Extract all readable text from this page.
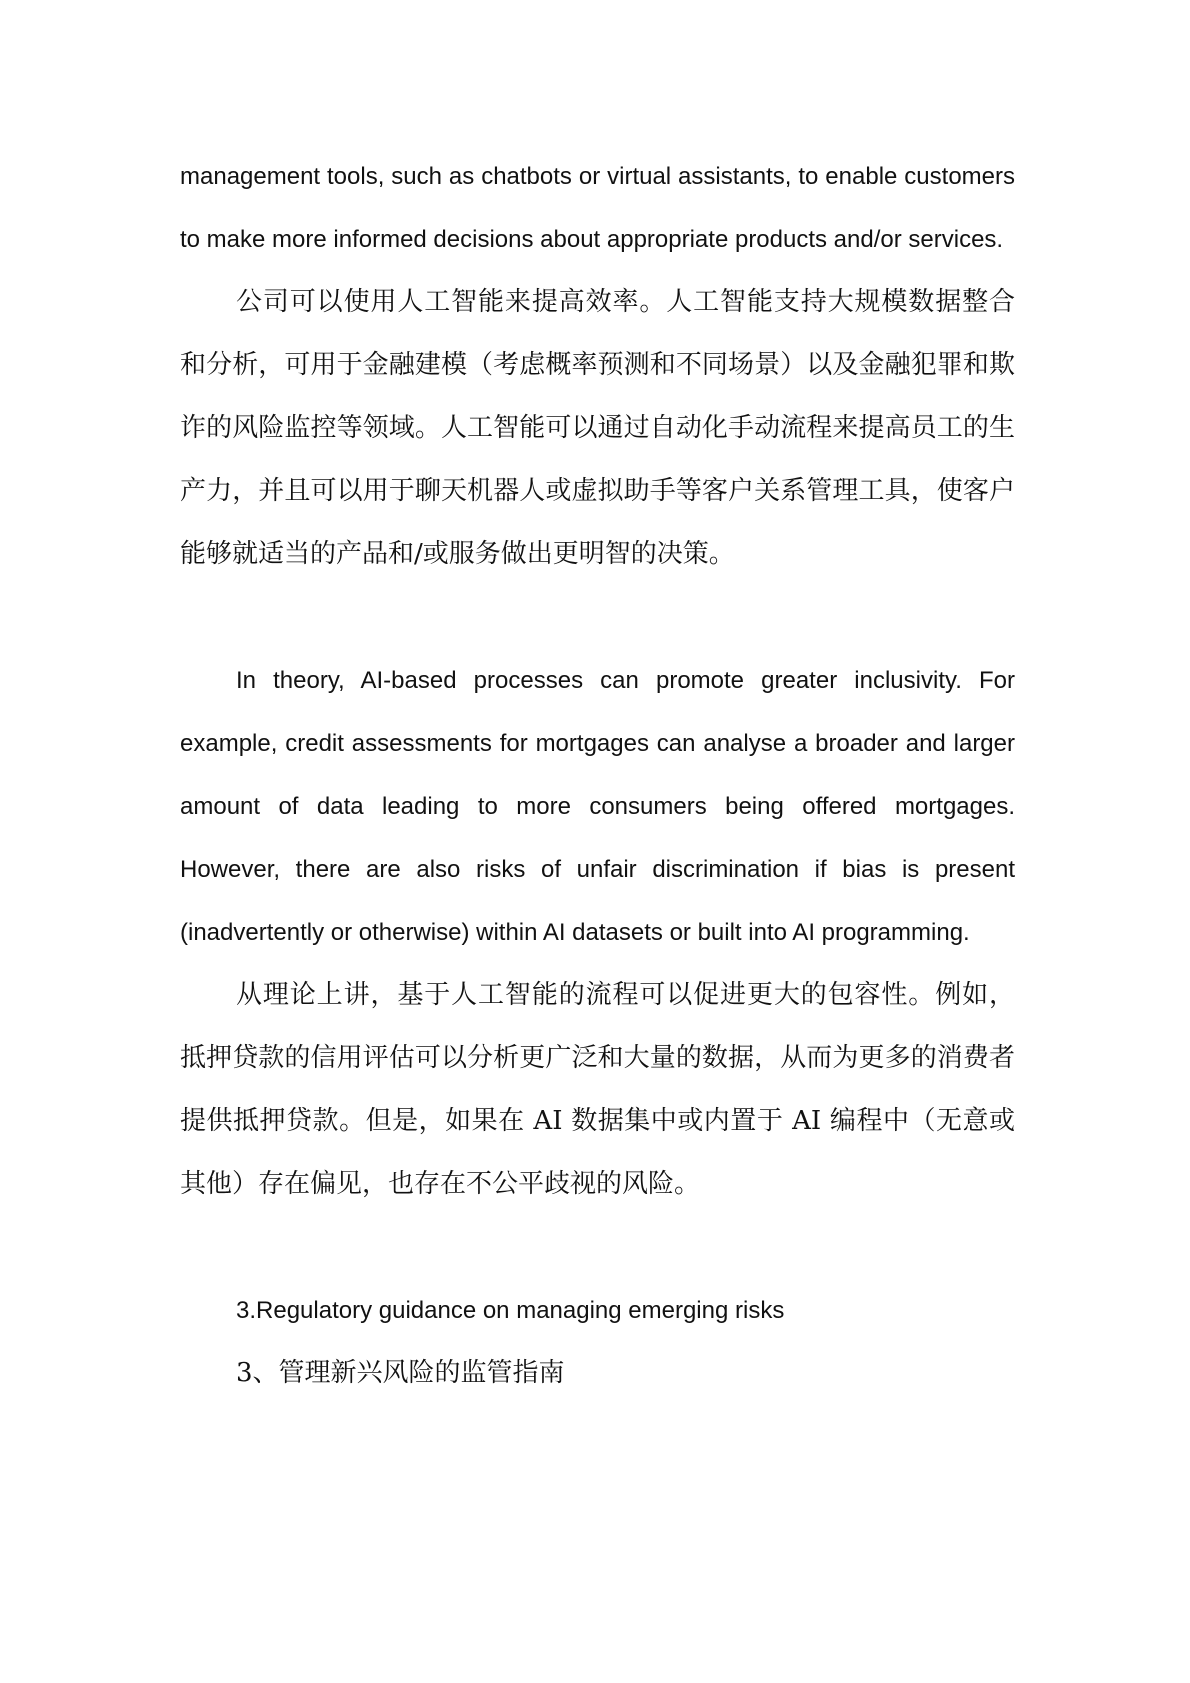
management tools, such as chatbots or virtual assistants, to enable customers to make more informed decisions about appropriate products and/or services.

公司可以使用人工智能来提高效率。人工智能支持大规模数据整合和分析，可用于金融建模（考虑概率预测和不同场景）以及金融犯罪和欺诈的风险监控等领域。人工智能可以通过自动化手动流程来提高员工的生产力，并且可以用于聊天机器人或虚拟助手等客户关系管理工具，使客户能够就适当的产品和/或服务做出更明智的决策。

In theory, AI-based processes can promote greater inclusivity. For example, credit assessments for mortgages can analyse a broader and larger amount of data leading to more consumers being offered mortgages. However, there are also risks of unfair discrimination if bias is present (inadvertently or otherwise) within AI datasets or built into AI programming.

从理论上讲，基于人工智能的流程可以促进更大的包容性。例如，抵押贷款的信用评估可以分析更广泛和大量的数据，从而为更多的消费者提供抵押贷款。但是，如果在 AI 数据集中或内置于 AI 编程中（无意或其他）存在偏见，也存在不公平歧视的风险。

3.Regulatory guidance on managing emerging risks

3、管理新兴风险的监管指南
